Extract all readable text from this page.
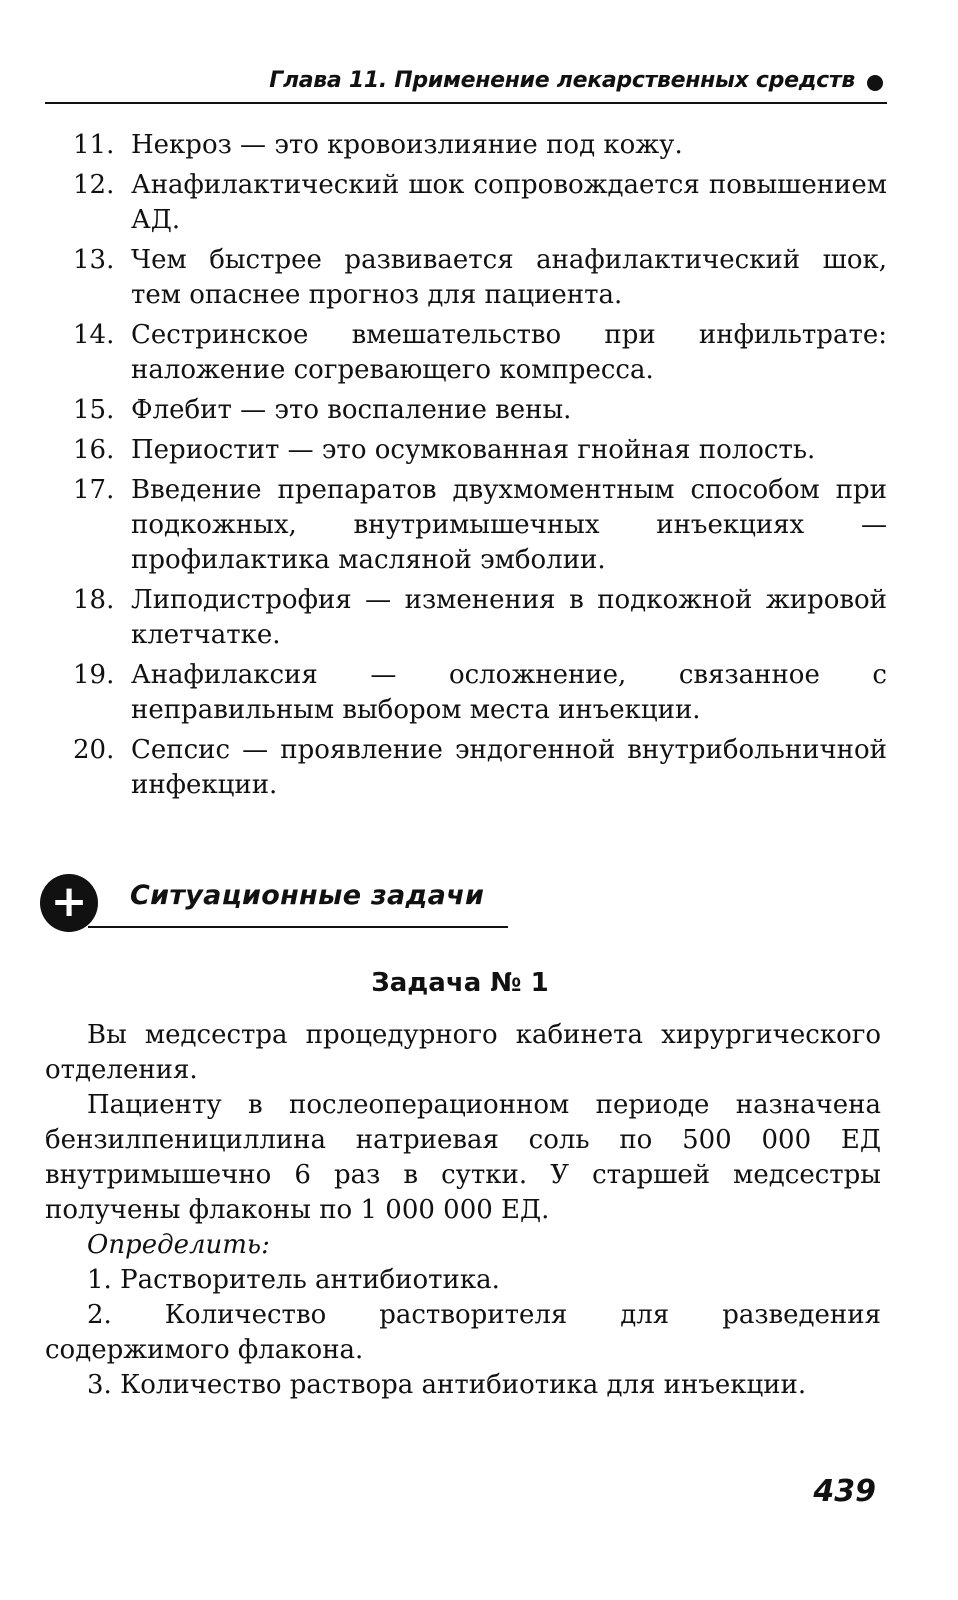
Глава 11. Применение лекарственных средств
11. Некроз — это кровоизлияние под кожу.
12. Анафилактический шок сопровождается повышением АД.
13. Чем быстрее развивается анафилактический шок, тем опаснее прогноз для пациента.
14. Сестринское вмешательство при инфильтрате: наложение согревающего компресса.
15. Флебит — это воспаление вены.
16. Периостит — это осумкованная гнойная полость.
17. Введение препаратов двухмоментным способом при подкожных, внутримышечных инъекциях — профилактика масляной эмболии.
18. Липодистрофия — изменения в подкожной жировой клетчатке.
19. Анафилаксия — осложнение, связанное с неправильным выбором места инъекции.
20. Сепсис — проявление эндогенной внутрибольничной инфекции.
+	Ситуационные задачи
Задача № 1

Вы медсестра процедурного кабинета хирургического отделения.

Пациенту в послеоперационном периоде назначена бензилпенициллина натриевая соль по 500 000 ЕД внутримышечно 6 раз в сутки. У старшей медсестры получены флаконы по 1 000 000 ЕД.

Определить:

1. Растворитель антибиотика.

2. Количество растворителя для разведения содержимого флакона.

3. Количество раствора антибиотика для инъекции.

439
